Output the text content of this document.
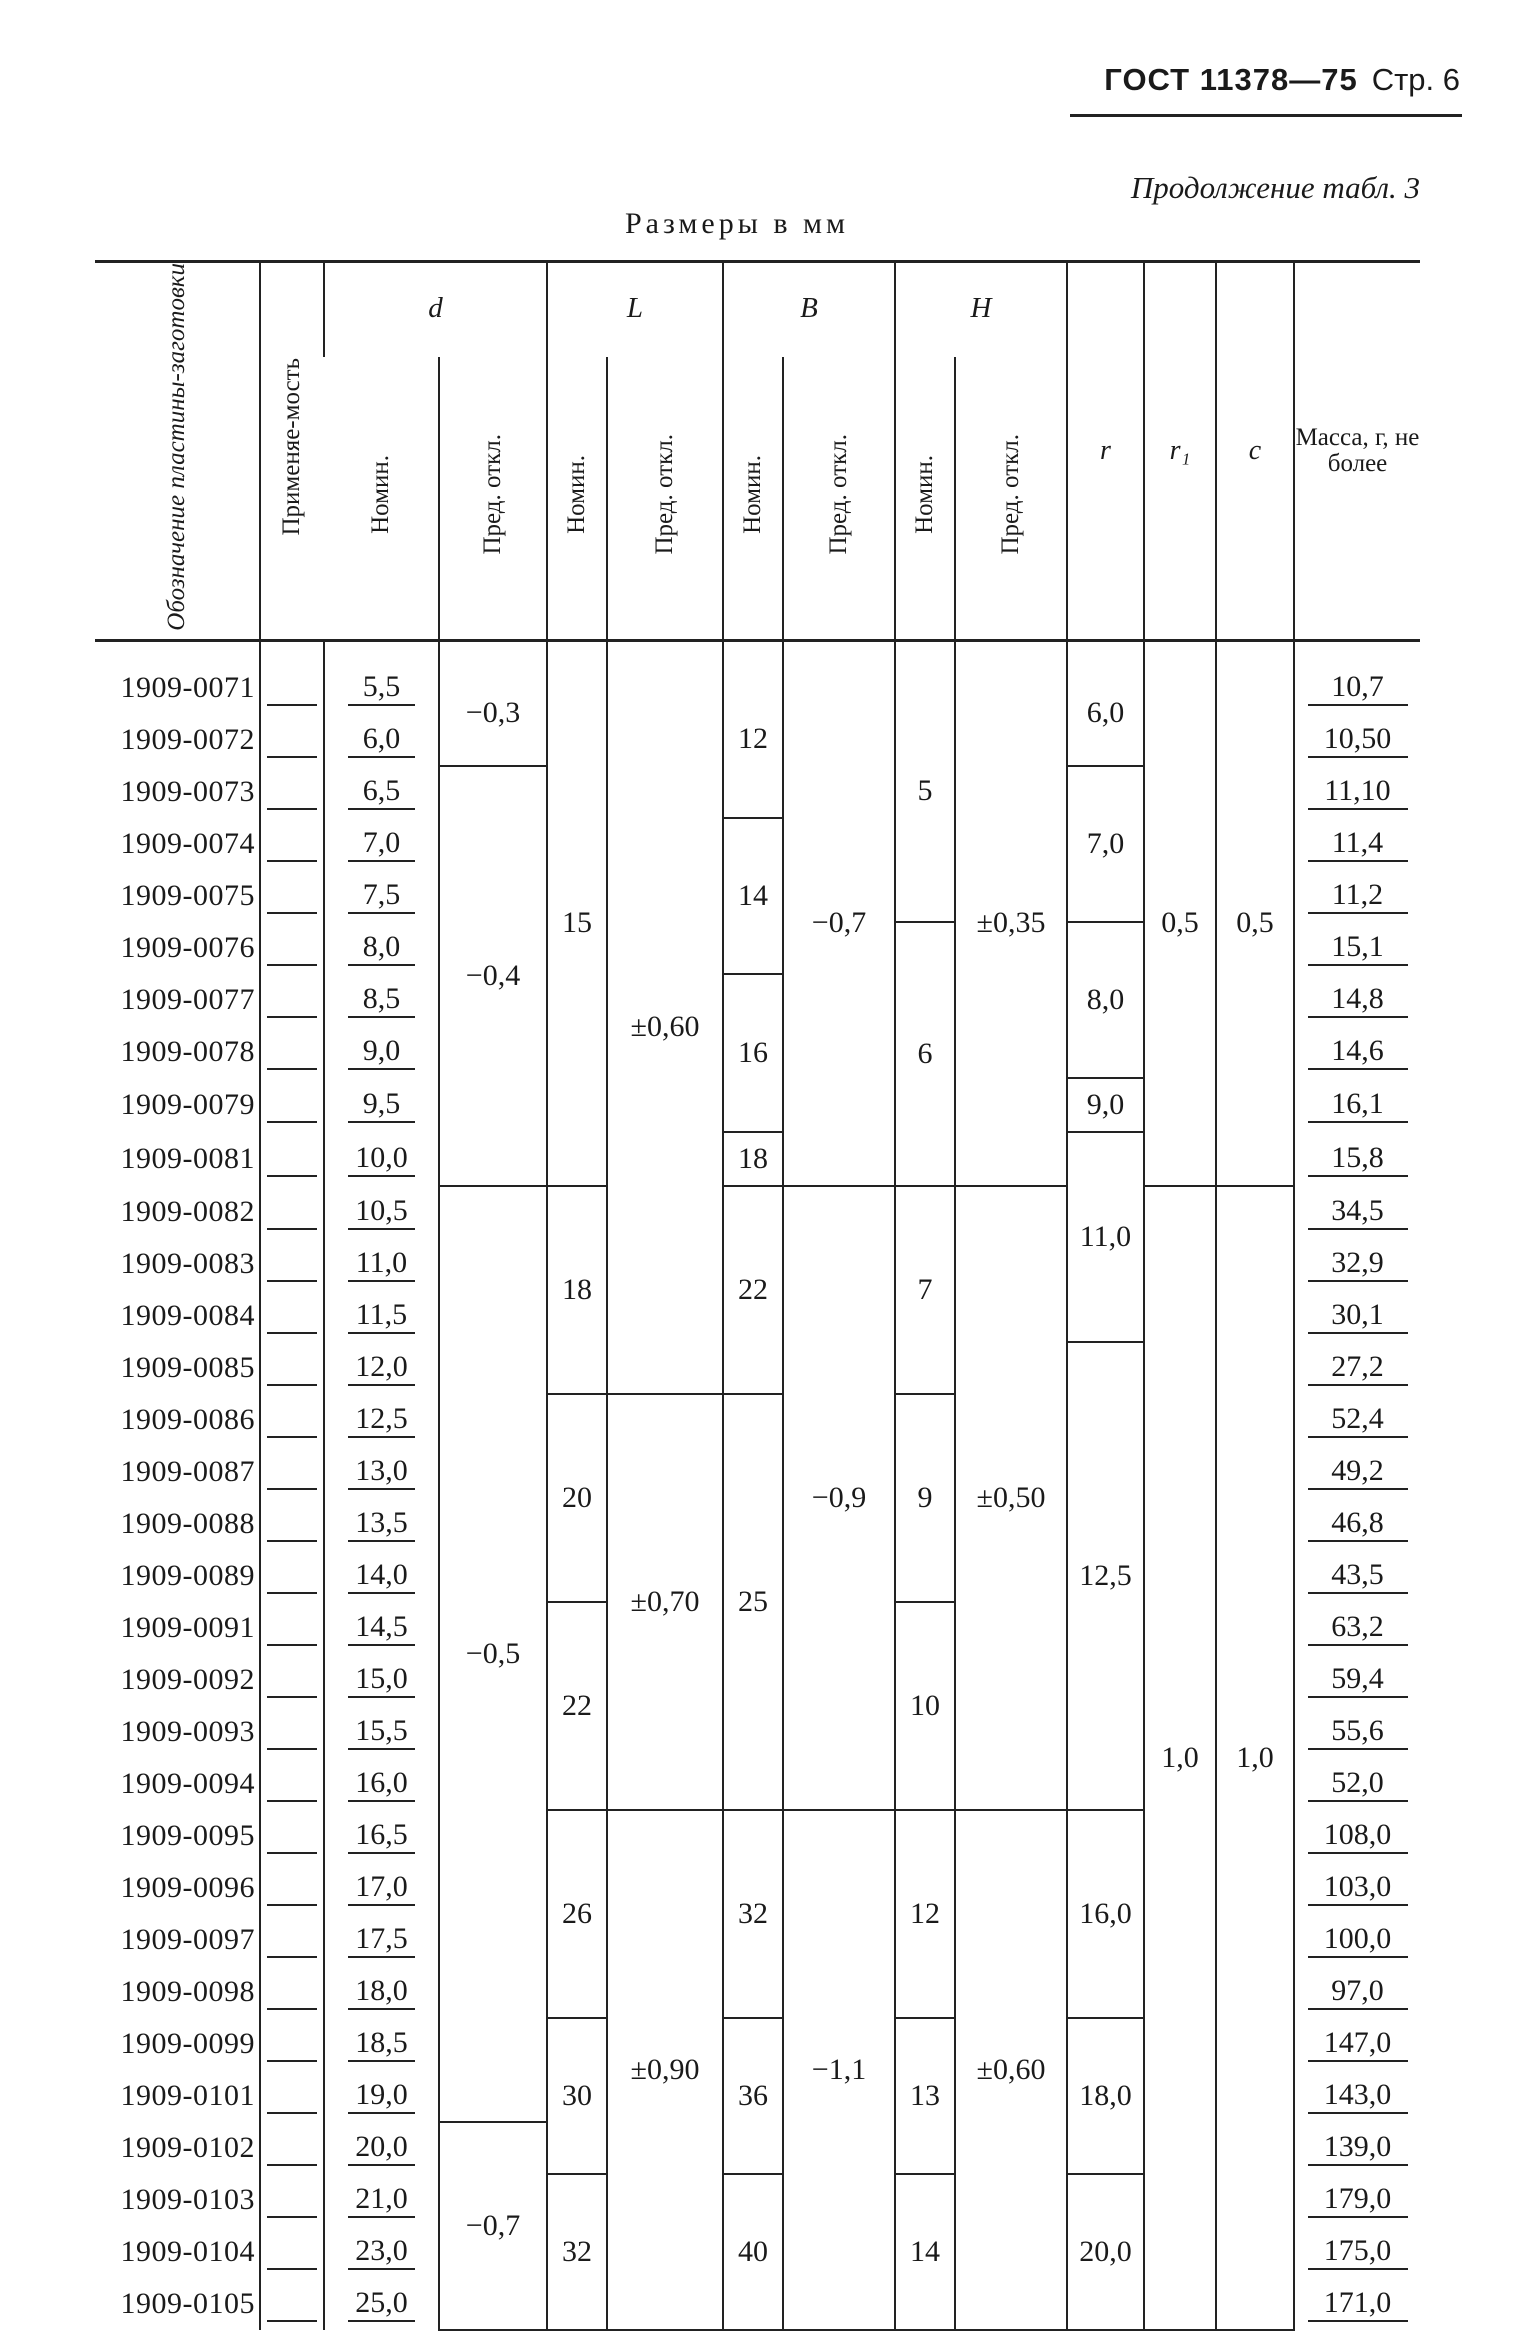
ГОСТ 11378—75 Стр. 6
Продолжение табл. 3
Размеры в мм
Обозначение пластины-заготовки	Применяе-мость	d		L		B		H		r	r₁	c	Масса, г, не более
		Номин.	Пред. откл.	Номин.	Пред. откл.	Номин.	Пред. откл.	Номин.	Пред. откл.				
1909-0071		5,5	−0,3	15	±0,60	12	−0,7	5	±0,35	6,0	0,5	0,5	10,7
1909-0072		6,0											10,50
1909-0073		6,5	−0,4							7,0			11,10
1909-0074		7,0				14							11,4
1909-0075		7,5											11,2
1909-0076		8,0						6		8,0			15,1
1909-0077		8,5				16							14,8
1909-0078		9,0											14,6
1909-0079		9,5								9,0			16,1
1909-0081		10,0				18				11,0			15,8
1909-0082		10,5	−0,5	18		22	−0,9	7	±0,50		1,0	1,0	34,5
1909-0083		11,0											32,9
1909-0084		11,5											30,1
1909-0085		12,0								12,5			27,2
1909-0086		12,5		20	±0,70	25		9					52,4
1909-0087		13,0											49,2
1909-0088		13,5											46,8
1909-0089		14,0											43,5
1909-0091		14,5		22				10					63,2
1909-0092		15,0											59,4
1909-0093		15,5											55,6
1909-0094		16,0											52,0
1909-0095		16,5		26	±0,90	32	−1,1	12	±0,60	16,0			108,0
1909-0096		17,0											103,0
1909-0097		17,5											100,0
1909-0098		18,0											97,0
1909-0099		18,5		30		36		13		18,0			147,0
1909-0101		19,0											143,0
1909-0102		20,0	−0,7										139,0
1909-0103		21,0		32		40		14		20,0			179,0
1909-0104		23,0											175,0
1909-0105		25,0											171,0
